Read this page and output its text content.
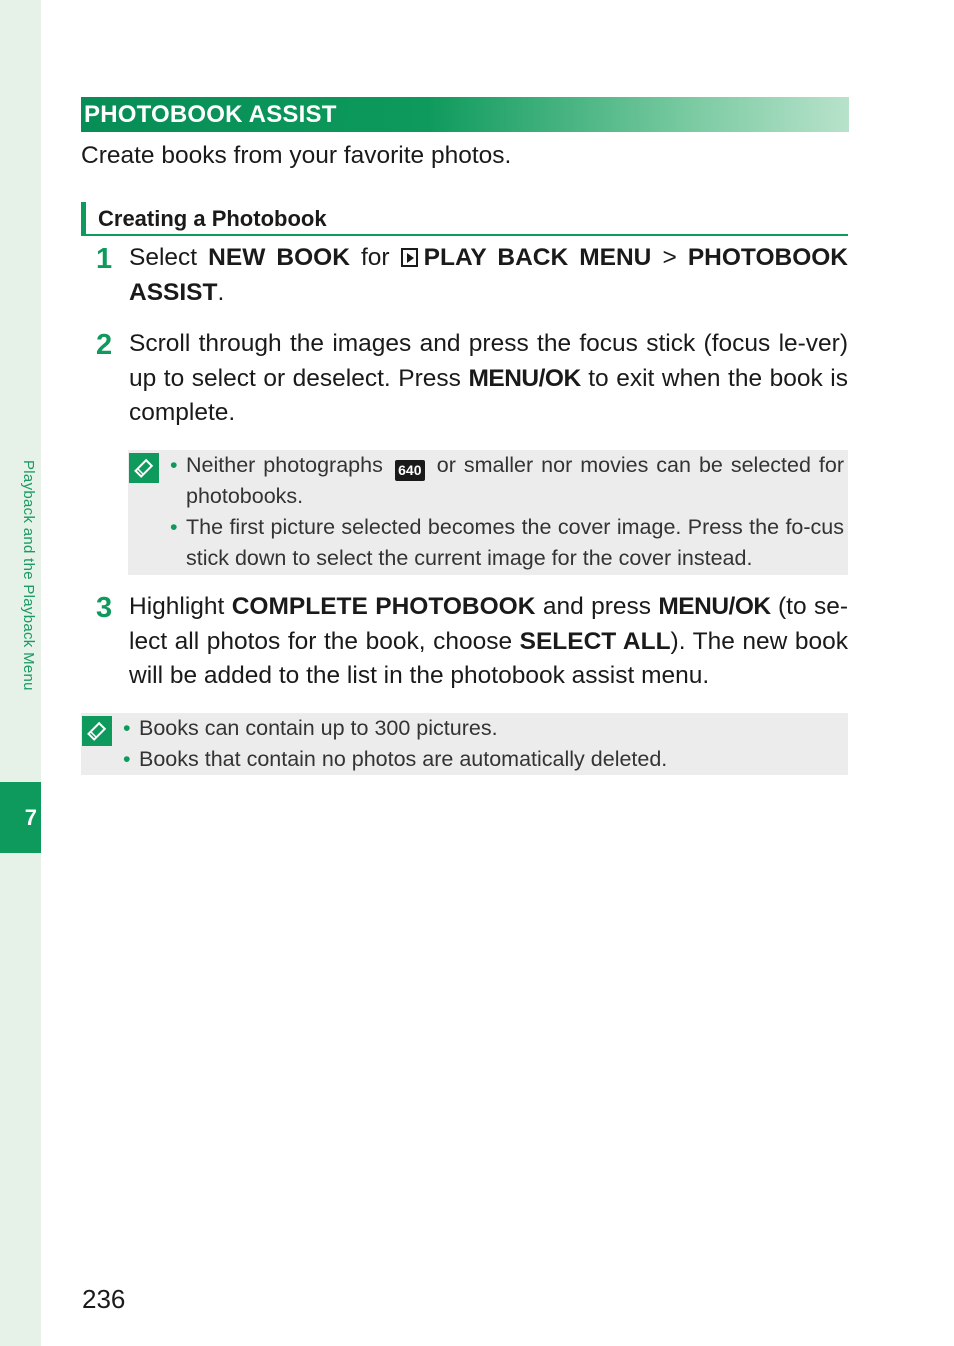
Playback and the Playback Menu
7
PHOTOBOOK ASSIST
Create books from your favorite photos.
Creating a Photobook
1 Select NEW BOOK for PLAY BACK MENU > PHOTOBOOK ASSIST.
2 Scroll through the images and press the focus stick (focus le-ver) up to select or deselect. Press MENU/OK to exit when the book is complete.
• Neither photographs 640 or smaller nor movies can be selected for photobooks.
• The first picture selected becomes the cover image. Press the fo-cus stick down to select the current image for the cover instead.
3 Highlight COMPLETE PHOTOBOOK and press MENU/OK (to se-lect all photos for the book, choose SELECT ALL). The new book will be added to the list in the photobook assist menu.
• Books can contain up to 300 pictures.
• Books that contain no photos are automatically deleted.
236
